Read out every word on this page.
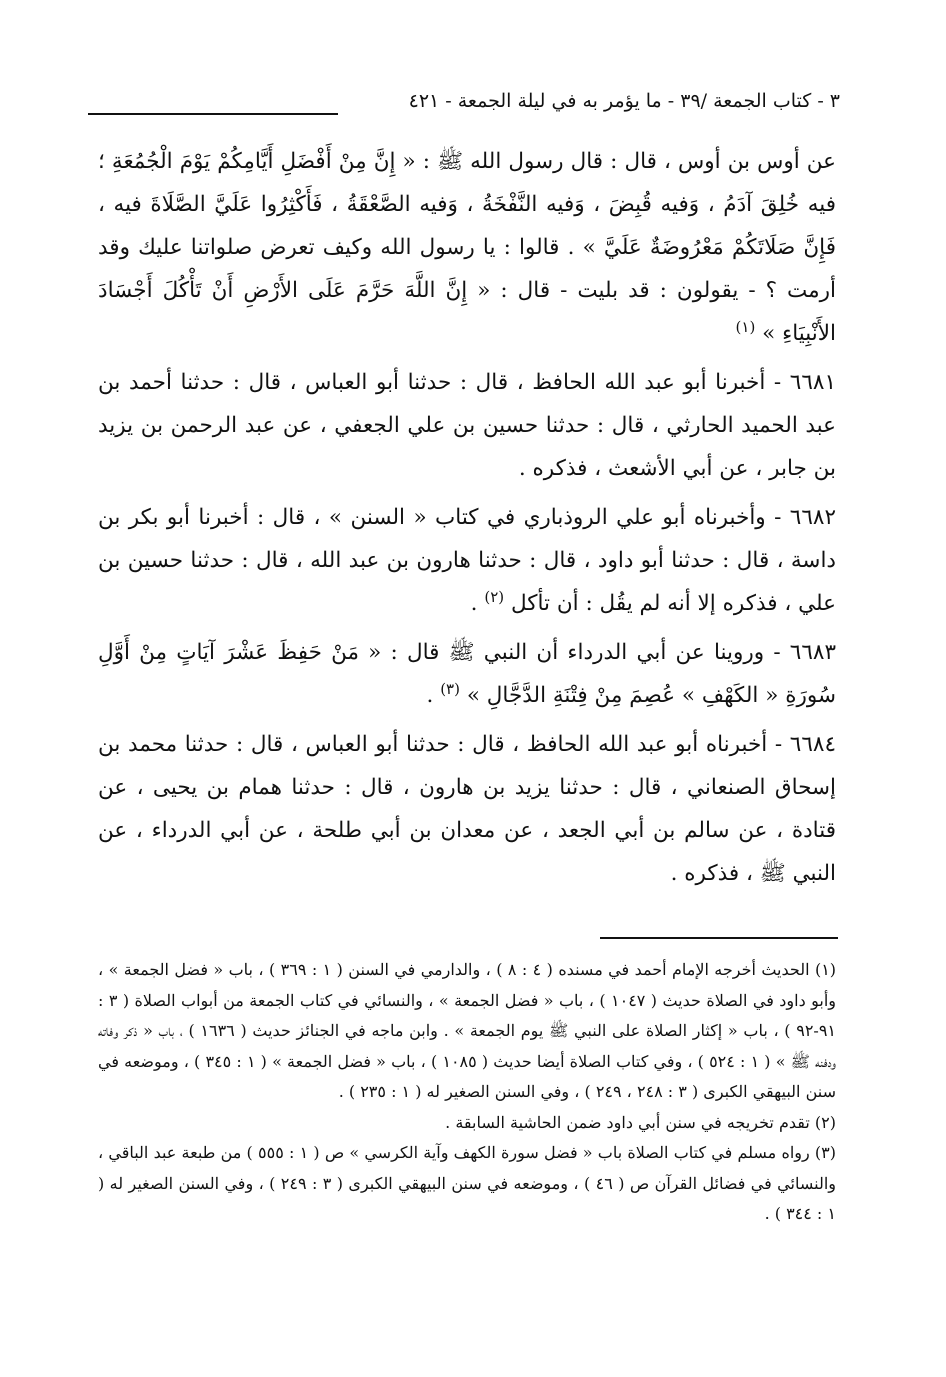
٣ - كتاب الجمعة /٣٩ - ما يؤمر به في ليلة الجمعة - ٤٢١

عن أوس بن أوس ، قال : قال رسول الله ﷺ : « إِنَّ مِنْ أَفْضَلِ أَيَّامِكُمْ يَوْمَ الْجُمُعَةِ ؛ فيه خُلِقَ آدَمُ ، وَفيه قُبِضَ ، وَفيه النَّفْخَةُ ، وَفيه الصَّعْقَةُ ، فَأَكْثِرُوا عَلَيَّ الصَّلَاةَ فيه ، فَإِنَّ صَلَاتَكُمْ مَعْرُوضَةٌ عَلَيَّ » . قالوا : يا رسول الله وكيف تعرض صلواتنا عليك وقد أرمت ؟ - يقولون : قد بليت - قال : « إِنَّ اللَّهَ حَرَّمَ عَلَى الأَرْضِ أَنْ تَأْكُلَ أَجْسَادَ الأَنْبِيَاءِ » $^{(١)}$

٦٦٨١ - أخبرنا أبو عبد الله الحافظ ، قال : حدثنا أبو العباس ، قال : حدثنا أحمد بن عبد الحميد الحارثي ، قال : حدثنا حسين بن علي الجعفي ، عن عبد الرحمن بن يزيد بن جابر ، عن أبي الأشعث ، فذكره .

٦٦٨٢ - وأخبرناه أبو علي الروذباري في كتاب « السنن » ، قال : أخبرنا أبو بكر بن داسة ، قال : حدثنا أبو داود ، قال : حدثنا هارون بن عبد الله ، قال : حدثنا حسين بن علي ، فذكره إلا أنه لم يقُل : أن تأكل $^{(٢)}$ .

٦٦٨٣ - وروينا عن أبي الدرداء أن النبي ﷺ قال : « مَنْ حَفِظَ عَشْرَ آيَاتٍ مِنْ أَوَّلِ سُورَةِ « الكَهْفِ » عُصِمَ مِنْ فِتْنَةِ الدَّجَّالِ » $^{(٣)}$ .

٦٦٨٤ - أخبرناه أبو عبد الله الحافظ ، قال : حدثنا أبو العباس ، قال : حدثنا محمد بن إسحاق الصنعاني ، قال : حدثنا يزيد بن هارون ، قال : حدثنا همام بن يحيى ، عن قتادة ، عن سالم بن أبي الجعد ، عن معدان بن أبي طلحة ، عن أبي الدرداء ، عن النبي ﷺ ، فذكره .

(١) الحديث أخرجه الإمام أحمد في مسنده ( ٤ : ٨ ) ، والدارمي في السنن ( ١ : ٣٦٩ ) ، باب « فضل الجمعة » ، وأبو داود في الصلاة حديث ( ١٠٤٧ ) ، باب « فضل الجمعة » ، والنسائي في كتاب الجمعة من أبواب الصلاة ( ٣ : ٩١-٩٢ ) ، باب « إكثار الصلاة على النبي ﷺ يوم الجمعة » . وابن ماجه في الجنائز حديث ( ١٦٣٦ ) ، باب « ذكر وفاته ودفنه ﷺ » ( ١ : ٥٢٤ ) ، وفي كتاب الصلاة أيضا حديث ( ١٠٨٥ ) ، باب « فضل الجمعة » ( ١ : ٣٤٥ ) ، وموضعه في سنن البيهقي الكبرى ( ٣ : ٢٤٨ ، ٢٤٩ ) ، وفي السنن الصغير له ( ١ : ٢٣٥ ) .

(٢) تقدم تخريجه في سنن أبي داود ضمن الحاشية السابقة .

(٣) رواه مسلم في كتاب الصلاة باب « فضل سورة الكهف وآية الكرسي » ص ( ١ : ٥٥٥ ) من طبعة عبد الباقي ، والنسائي في فضائل القرآن ص ( ٤٦ ) ، وموضعه في سنن البيهقي الكبرى ( ٣ : ٢٤٩ ) ، وفي السنن الصغير له ( ١ : ٣٤٤ ) .
